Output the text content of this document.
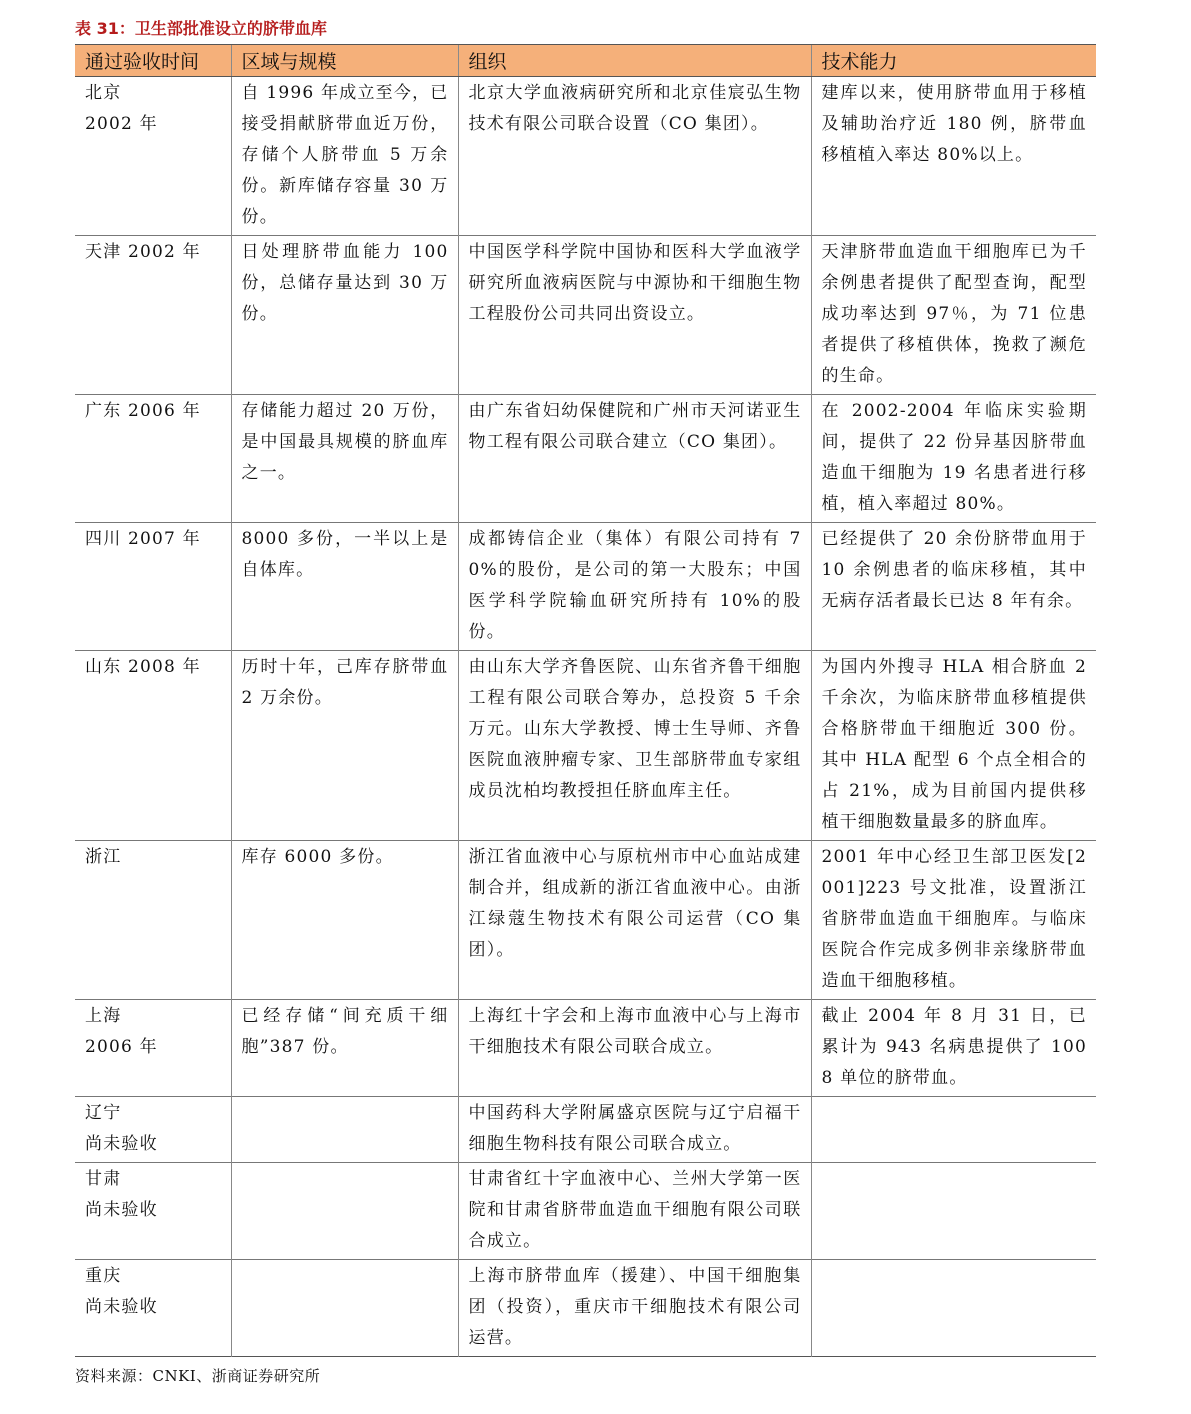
表 31：卫生部批准设立的脐带血库
通过验收时间	区域与规模	组织	技术能力

北京
2002 年	自 1996 年成立至今，已接受捐献脐带血近万份，存储个人脐带血 5 万余份。新库储存容量 30 万份。	北京大学血液病研究所和北京佳宸弘生物技术有限公司联合设置（CO 集团）。	建库以来，使用脐带血用于移植及辅助治疗近 180 例，脐带血移植植入率达 80%以上。

天津 2002 年	日处理脐带血能力 100 份，总储存量达到 30 万份。	中国医学科学院中国协和医科大学血液学研究所血液病医院与中源协和干细胞生物工程股份公司共同出资设立。	天津脐带血造血干细胞库已为千余例患者提供了配型查询，配型成功率达到 97％，为 71 位患者提供了移植供体，挽救了濒危的生命。

广东 2006 年	存储能力超过 20 万份，是中国最具规模的脐血库之一。	由广东省妇幼保健院和广州市天河诺亚生物工程有限公司联合建立（CO 集团）。	在 2002-2004 年临床实验期间，提供了 22 份异基因脐带血造血干细胞为 19 名患者进行移植，植入率超过 80%。

四川 2007 年	8000 多份，一半以上是自体库。	成都铸信企业（集体）有限公司持有 70%的股份，是公司的第一大股东；中国医学科学院输血研究所持有 10%的股份。	已经提供了 20 余份脐带血用于 10 余例患者的临床移植，其中无病存活者最长已达 8 年有余。

山东 2008 年	历时十年，己库存脐带血 2 万余份。	由山东大学齐鲁医院、山东省齐鲁干细胞工程有限公司联合筹办，总投资 5 千余万元。山东大学教授、博士生导师、齐鲁医院血液肿瘤专家、卫生部脐带血专家组成员沈柏均教授担任脐血库主任。	为国内外搜寻 HLA 相合脐血 2 千余次，为临床脐带血移植提供合格脐带血干细胞近 300 份。其中 HLA 配型 6 个点全相合的占 21%，成为目前国内提供移植干细胞数量最多的脐血库。

浙江	库存 6000 多份。	浙江省血液中心与原杭州市中心血站成建制合并，组成新的浙江省血液中心。由浙江绿蔻生物技术有限公司运营（CO 集团）。	2001 年中心经卫生部卫医发[2001]223 号文批准，设置浙江省脐带血造血干细胞库。与临床医院合作完成多例非亲缘脐带血造血干细胞移植。

上海
2006 年	已经存储“间充质干细胞”387 份。	上海红十字会和上海市血液中心与上海市干细胞技术有限公司联合成立。	截止 2004 年 8 月 31 日，已累计为 943 名病患提供了 1008 单位的脐带血。

辽宁
尚未验收		中国药科大学附属盛京医院与辽宁启福干细胞生物科技有限公司联合成立。	

甘肃
尚未验收		甘肃省红十字血液中心、兰州大学第一医院和甘肃省脐带血造血干细胞有限公司联合成立。	

重庆
尚未验收		上海市脐带血库（援建）、中国干细胞集团（投资），重庆市干细胞技术有限公司运营。	
资料来源：CNKI、浙商证券研究所
